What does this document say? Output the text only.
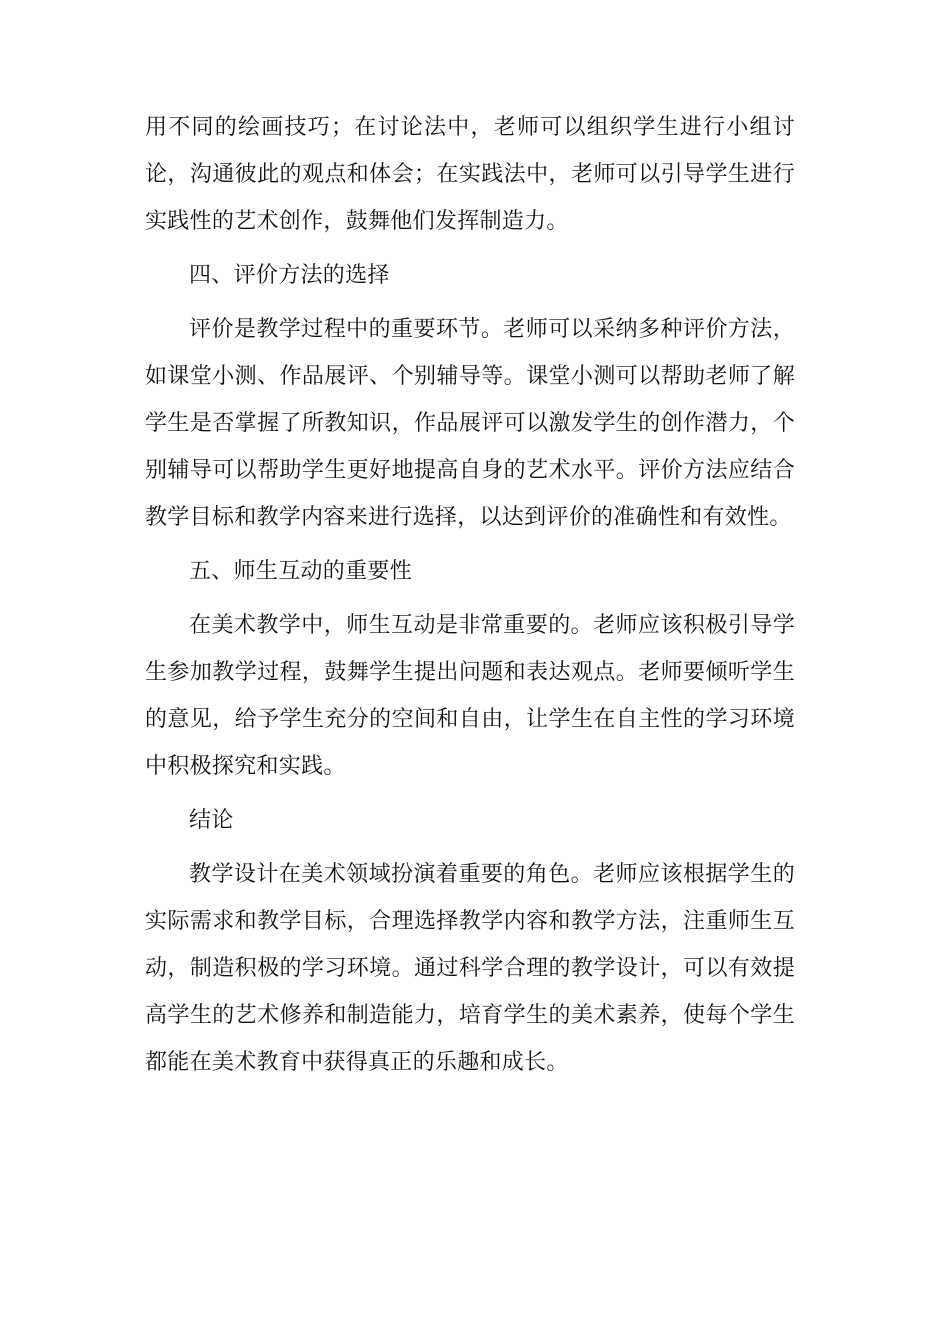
用不同的绘画技巧；在讨论法中，老师可以组织学生进行小组讨论，沟通彼此的观点和体会；在实践法中，老师可以引导学生进行实践性的艺术创作，鼓舞他们发挥制造力。

四、评价方法的选择

评价是教学过程中的重要环节。老师可以采纳多种评价方法，如课堂小测、作品展评、个别辅导等。课堂小测可以帮助老师了解学生是否掌握了所教知识，作品展评可以激发学生的创作潜力，个别辅导可以帮助学生更好地提高自身的艺术水平。评价方法应结合教学目标和教学内容来进行选择，以达到评价的准确性和有效性。

五、师生互动的重要性

在美术教学中，师生互动是非常重要的。老师应该积极引导学生参加教学过程，鼓舞学生提出问题和表达观点。老师要倾听学生的意见，给予学生充分的空间和自由，让学生在自主性的学习环境中积极探究和实践。

结论

教学设计在美术领域扮演着重要的角色。老师应该根据学生的实际需求和教学目标，合理选择教学内容和教学方法，注重师生互动，制造积极的学习环境。通过科学合理的教学设计，可以有效提高学生的艺术修养和制造能力，培育学生的美术素养，使每个学生都能在美术教育中获得真正的乐趣和成长。
